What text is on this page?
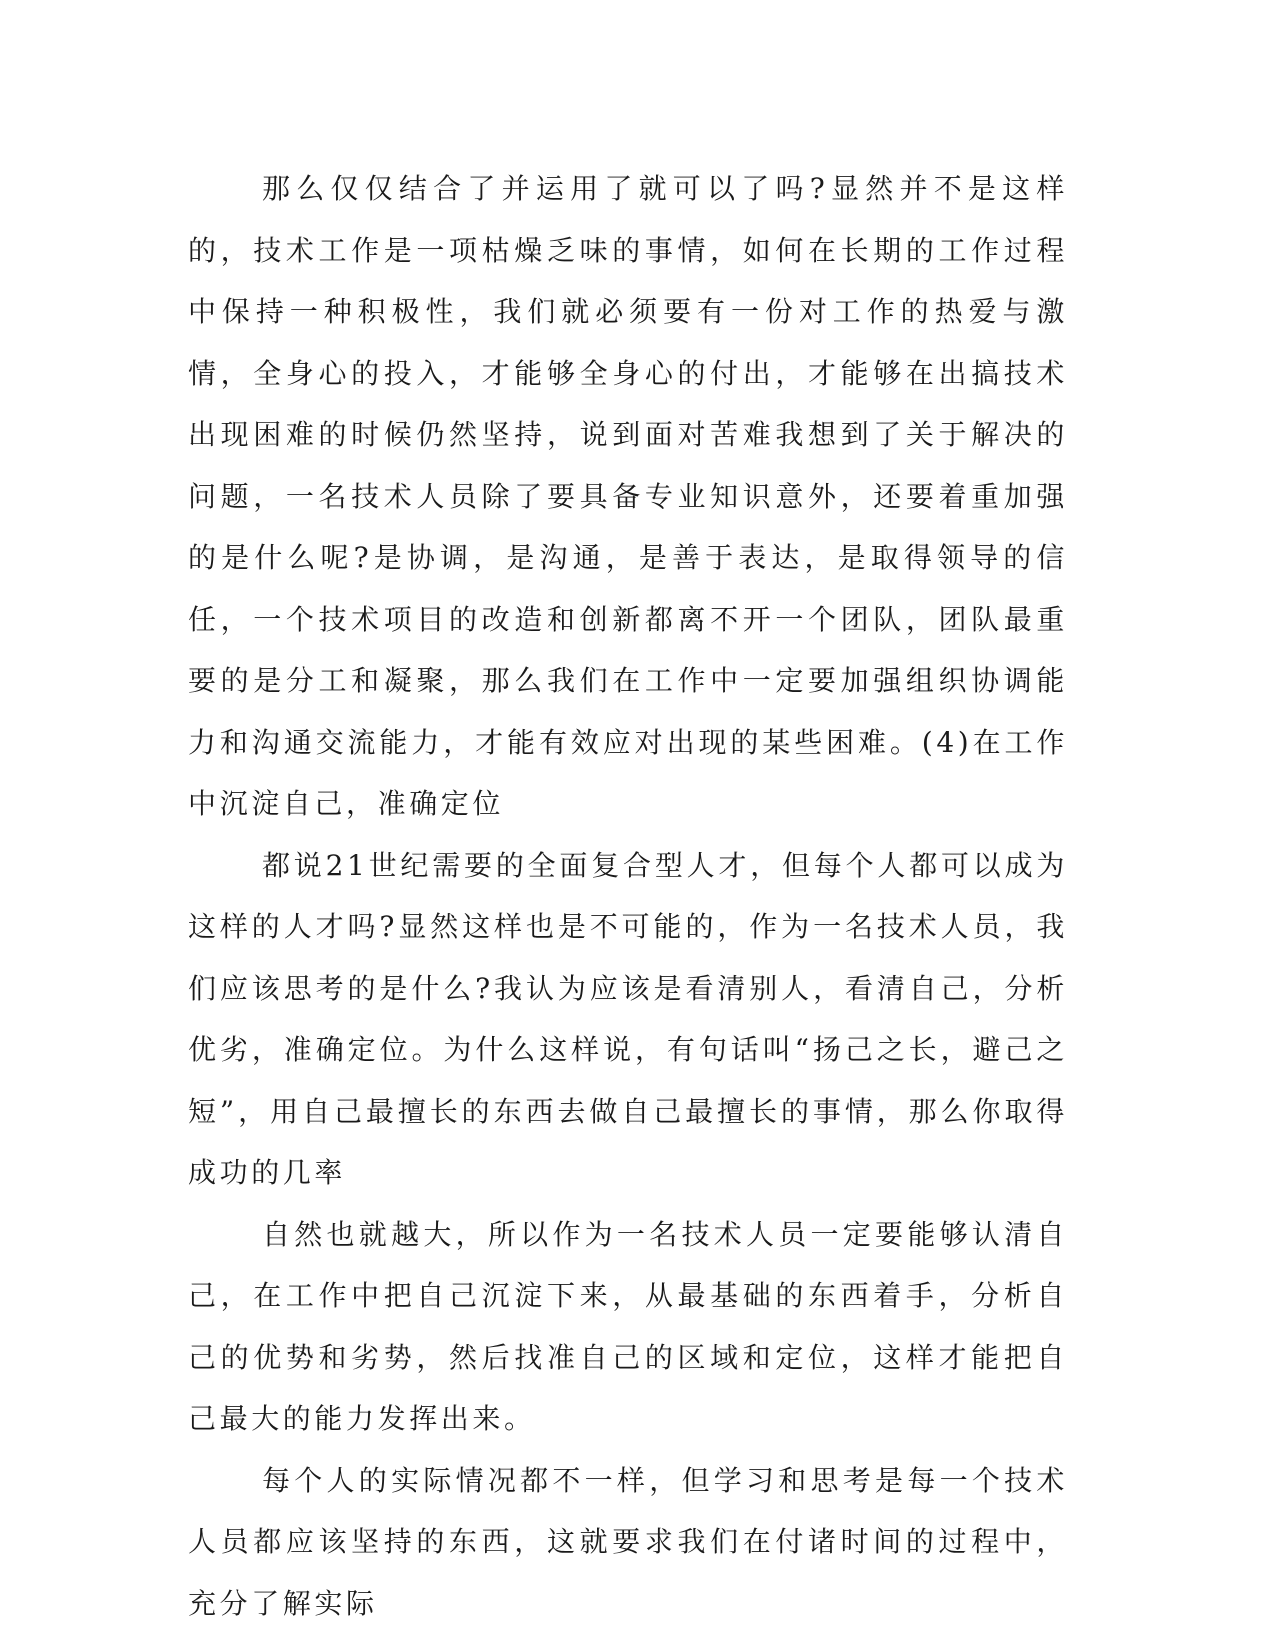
那么仅仅结合了并运用了就可以了吗?显然并不是这样的，技术工作是一项枯燥乏味的事情，如何在长期的工作过程中保持一种积极性，我们就必须要有一份对工作的热爱与激情，全身心的投入，才能够全身心的付出，才能够在出搞技术出现困难的时候仍然坚持，说到面对苦难我想到了关于解决的问题，一名技术人员除了要具备专业知识意外，还要着重加强的是什么呢?是协调，是沟通，是善于表达，是取得领导的信任，一个技术项目的改造和创新都离不开一个团队，团队最重要的是分工和凝聚，那么我们在工作中一定要加强组织协调能力和沟通交流能力，才能有效应对出现的某些困难。(4)在工作中沉淀自己，准确定位

都说21世纪需要的全面复合型人才，但每个人都可以成为这样的人才吗?显然这样也是不可能的，作为一名技术人员，我们应该思考的是什么?我认为应该是看清别人，看清自己，分析优劣，准确定位。为什么这样说，有句话叫“扬己之长，避己之短”，用自己最擅长的东西去做自己最擅长的事情，那么你取得成功的几率

自然也就越大，所以作为一名技术人员一定要能够认清自己，在工作中把自己沉淀下来，从最基础的东西着手，分析自己的优势和劣势，然后找准自己的区域和定位，这样才能把自己最大的能力发挥出来。

每个人的实际情况都不一样，但学习和思考是每一个技术人员都应该坚持的东西，这就要求我们在付诸时间的过程中，充分了解实际
